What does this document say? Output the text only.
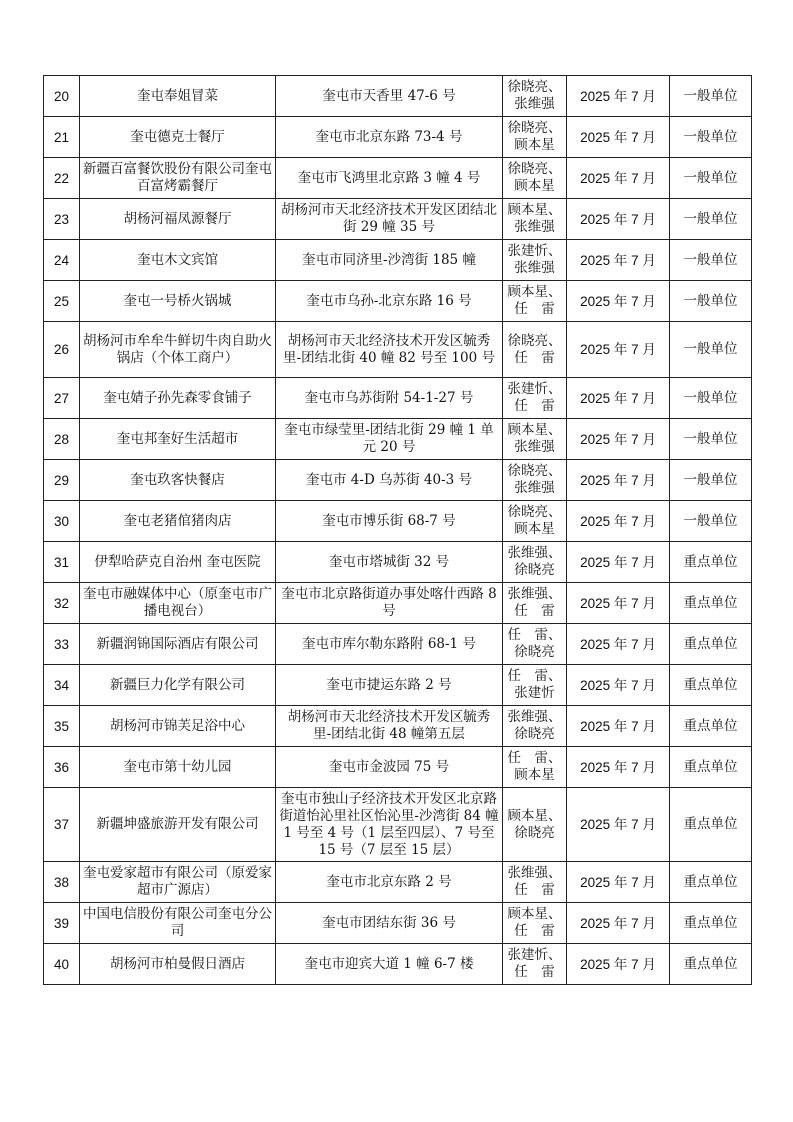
20	奎屯奉姐冒菜	奎屯市天香里 47-6 号	徐晓亮、
张维强	2025 年 7 月	一般单位
21	奎屯德克士餐厅	奎屯市北京东路 73-4 号	徐晓亮、
顾本星	2025 年 7 月	一般单位
22	新疆百富餐饮股份有限公司奎屯百富烤霸餐厅	奎屯市飞鸿里北京路 3 幢 4 号	徐晓亮、
顾本星	2025 年 7 月	一般单位
23	胡杨河福凤源餐厅	胡杨河市天北经济技术开发区团结北街 29 幢 35 号	顾本星、
张维强	2025 年 7 月	一般单位
24	奎屯木文宾馆	奎屯市同济里-沙湾街 185 幢	张建忻、
张维强	2025 年 7 月	一般单位
25	奎屯一号桥火锅城	奎屯市乌孙-北京东路 16 号	顾本星、
任　雷	2025 年 7 月	一般单位
26	胡杨河市牟牟牛鲜切牛肉自助火锅店（个体工商户）	胡杨河市天北经济技术开发区毓秀里-团结北街 40 幢 82 号至 100 号	徐晓亮、
任　雷	2025 年 7 月	一般单位
27	奎屯婧子孙先森零食铺子	奎屯市乌苏街附 54-1-27 号	张建忻、
任　雷	2025 年 7 月	一般单位
28	奎屯邦奎好生活超市	奎屯市绿莹里-团结北街 29 幢 1 单元 20 号	顾本星、
张维强	2025 年 7 月	一般单位
29	奎屯玖客快餐店	奎屯市 4-D 乌苏街 40-3 号	徐晓亮、
张维强	2025 年 7 月	一般单位
30	奎屯老猪倌猪肉店	奎屯市博乐街 68-7 号	徐晓亮、
顾本星	2025 年 7 月	一般单位
31	伊犁哈萨克自治州 奎屯医院	奎屯市塔城街 32 号	张维强、
徐晓亮	2025 年 7 月	重点单位
32	奎屯市融媒体中心（原奎屯市广播电视台）	奎屯市北京路街道办事处喀什西路 8 号	张维强、
任　雷	2025 年 7 月	重点单位
33	新疆润锦国际酒店有限公司	奎屯市库尔勒东路附 68-1 号	任　雷、
徐晓亮	2025 年 7 月	重点单位
34	新疆巨力化学有限公司	奎屯市捷运东路 2 号	任　雷、
张建忻	2025 年 7 月	重点单位
35	胡杨河市锦芙足浴中心	胡杨河市天北经济技术开发区毓秀里-团结北街 48 幢第五层	张维强、
徐晓亮	2025 年 7 月	重点单位
36	奎屯市第十幼儿园	奎屯市金波园 75 号	任　雷、
顾本星	2025 年 7 月	重点单位
37	新疆坤盛旅游开发有限公司	奎屯市独山子经济技术开发区北京路街道怡沁里社区怡沁里-沙湾街 84 幢 1 号至 4 号（1 层至四层）、7 号至 15 号（7 层至 15 层）	顾本星、
徐晓亮	2025 年 7 月	重点单位
38	奎屯爱家超市有限公司（原爱家超市广源店）	奎屯市北京东路 2 号	张维强、
任　雷	2025 年 7 月	重点单位
39	中国电信股份有限公司奎屯分公司	奎屯市团结东街 36 号	顾本星、
任　雷	2025 年 7 月	重点单位
40	胡杨河市柏曼假日酒店	奎屯市迎宾大道 1 幢 6-7 楼	张建忻、
任　雷	2025 年 7 月	重点单位
